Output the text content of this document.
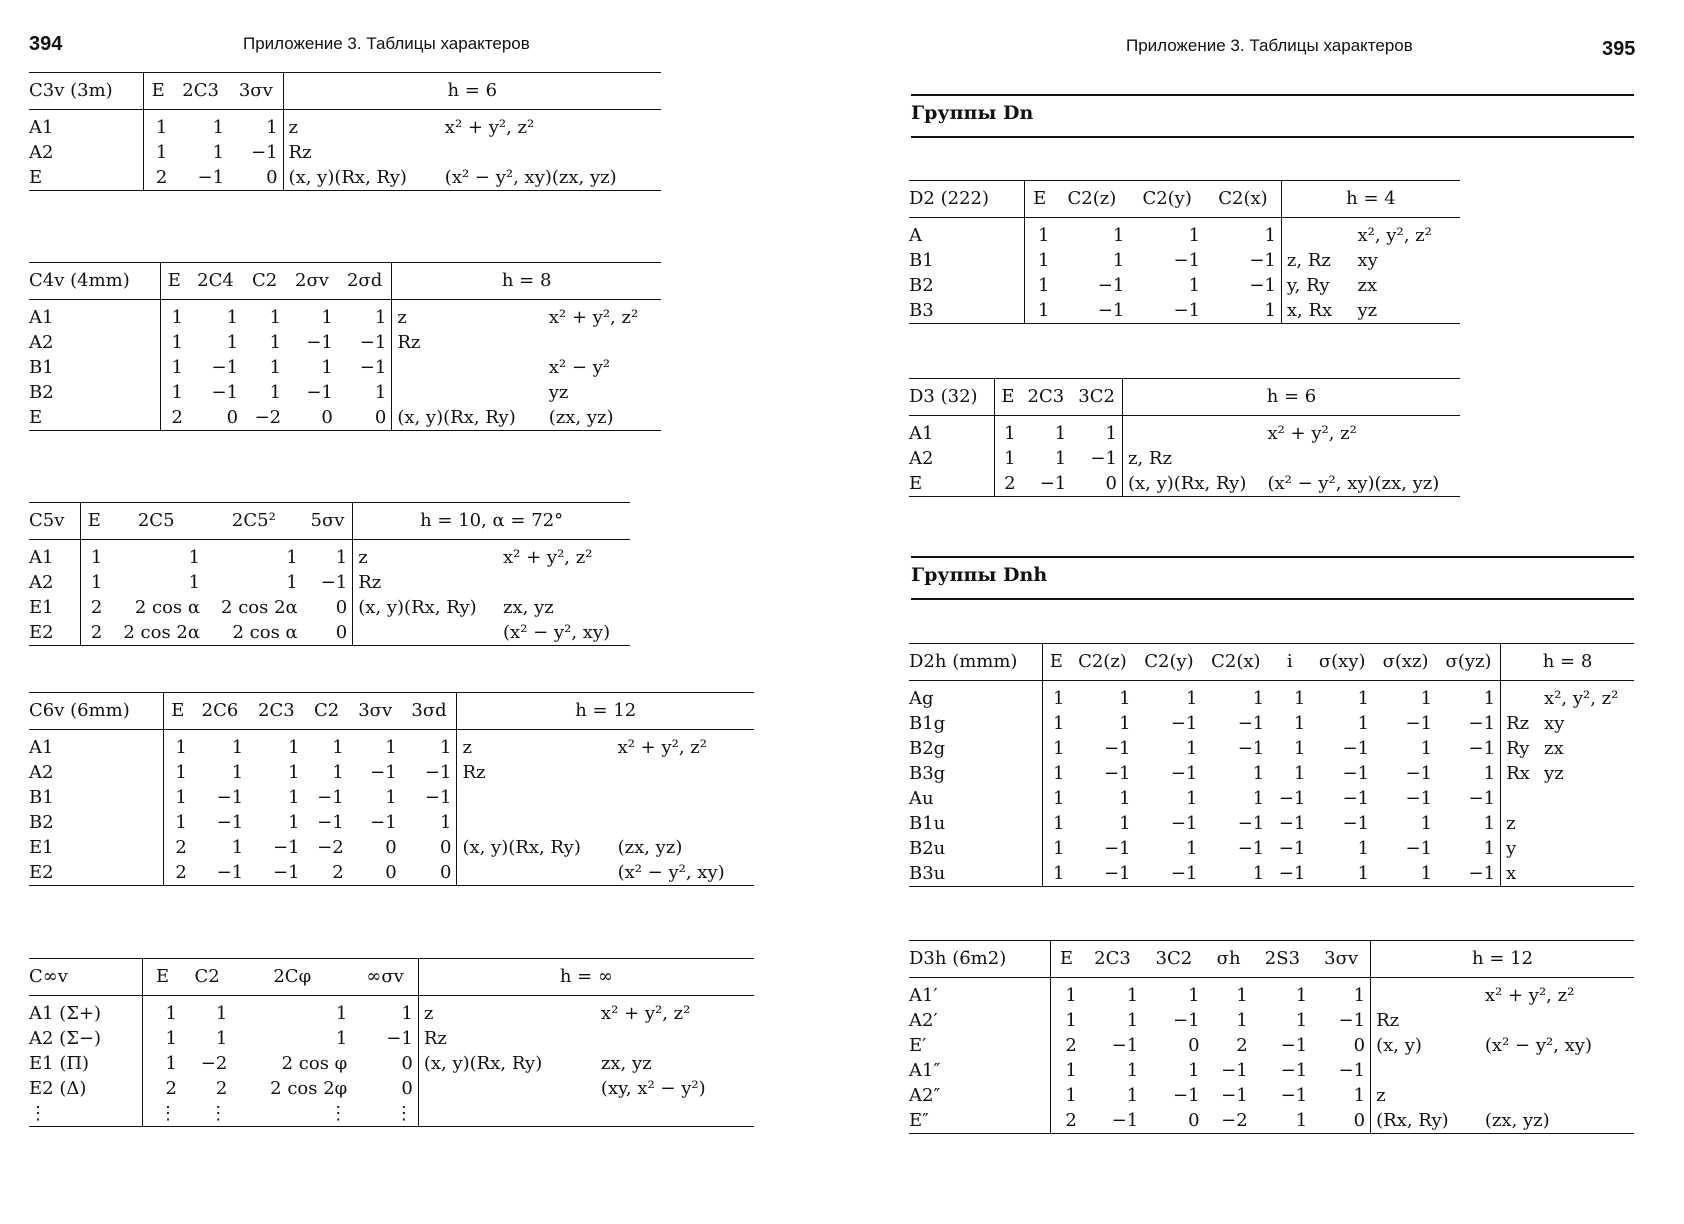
394	Приложение 3. Таблицы характеров	Приложение 3. Таблицы характеров	395
Группы Dn
Группы Dnh
C3v (3m)	E	2C3	3σv	h = 6	
A1	1	1	1	z	x² + y², z²
A2	1	1	−1	Rz	
E	2	−1	0	(x, y)(Rx, Ry)	(x² − y², xy)(zx, yz)
C4v (4mm)	E	2C4	C2	2σv	2σd	h = 8	
A1	1	1	1	1	1	z	x² + y², z²
A2	1	1	1	−1	−1	Rz	
B1	1	−1	1	1	−1		x² − y²
B2	1	−1	1	−1	1		yz
E	2	0	−2	0	0	(x, y)(Rx, Ry)	(zx, yz)
C5v	E	2C5	2C5²	5σv	h = 10, α = 72°	
A1	1	1	1	1	z	x² + y², z²
A2	1	1	1	−1	Rz	
E1	2	2 cos α	2 cos 2α	0	(x, y)(Rx, Ry)	zx, yz
E2	2	2 cos 2α	2 cos α	0		(x² − y², xy)
C6v (6mm)	E	2C6	2C3	C2	3σv	3σd	h = 12	
A1	1	1	1	1	1	1	z	x² + y², z²
A2	1	1	1	1	−1	−1	Rz	
B1	1	−1	1	−1	1	−1		
B2	1	−1	1	−1	−1	1		
E1	2	1	−1	−2	0	0	(x, y)(Rx, Ry)	(zx, yz)
E2	2	−1	−1	2	0	0		(x² − y², xy)
C∞v	E	C2	2Cφ	∞σv	h = ∞	
A1 (Σ+)	1	1	1	1	z	x² + y², z²
A2 (Σ−)	1	1	1	−1	Rz	
E1 (Π)	1	−2	2 cos φ	0	(x, y)(Rx, Ry)	zx, yz
E2 (Δ)	2	2	2 cos 2φ	0		(xy, x² − y²)
⋮	⋮	⋮	⋮	⋮		
D2 (222)	E	C2(z)	C2(y)	C2(x)	h = 4	
A	1	1	1	1		x², y², z²
B1	1	1	−1	−1	z, Rz	xy
B2	1	−1	1	−1	y, Ry	zx
B3	1	−1	−1	1	x, Rx	yz
D3 (32)	E	2C3	3C2	h = 6	
A1	1	1	1		x² + y², z²
A2	1	1	−1	z, Rz	
E	2	−1	0	(x, y)(Rx, Ry)	(x² − y², xy)(zx, yz)
D2h (mmm)	E	C2(z)	C2(y)	C2(x)	i	σ(xy)	σ(xz)	σ(yz)	h = 8	
Ag	1	1	1	1	1	1	1	1		x², y², z²
B1g	1	1	−1	−1	1	1	−1	−1	Rz	xy
B2g	1	−1	1	−1	1	−1	1	−1	Ry	zx
B3g	1	−1	−1	1	1	−1	−1	1	Rx	yz
Au	1	1	1	1	−1	−1	−1	−1		
B1u	1	1	−1	−1	−1	−1	1	1	z	
B2u	1	−1	1	−1	−1	1	−1	1	y	
B3u	1	−1	−1	1	−1	1	1	−1	x	
D3h (6̄m2)	E	2C3	3C2	σh	2S3	3σv	h = 12	
A1′	1	1	1	1	1	1		x² + y², z²
A2′	1	1	−1	1	1	−1	Rz	
E′	2	−1	0	2	−1	0	(x, y)	(x² − y², xy)
A1″	1	1	1	−1	−1	−1		
A2″	1	1	−1	−1	−1	1	z	
E″	2	−1	0	−2	1	0	(Rx, Ry)	(zx, yz)
